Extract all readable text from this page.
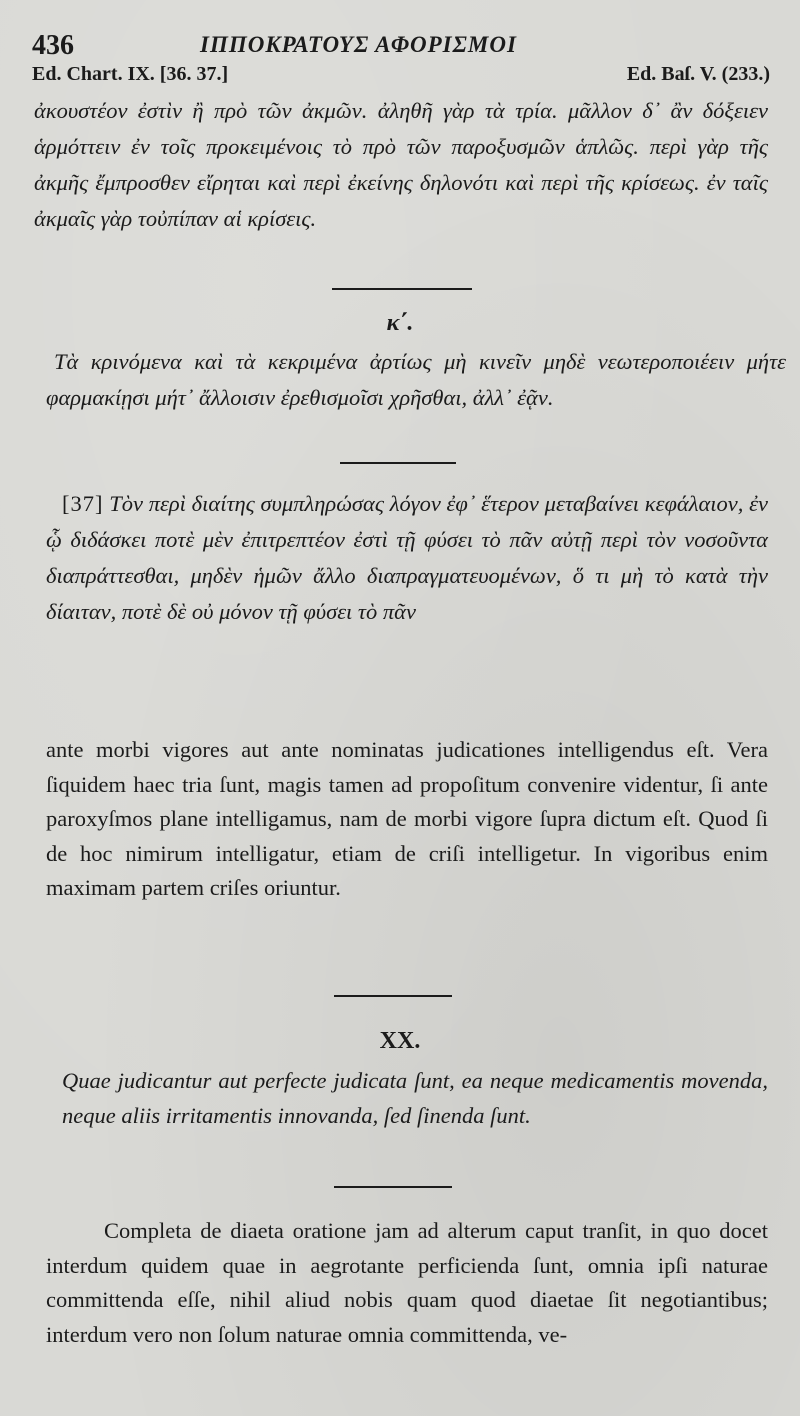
436	ΙΠΠΟΚΡΑΤΟΥΣ ΑΦΟΡΙΣΜΟΙ
Ed. Chart. IX. [36. 37.]	Ed. Baſ. V. (233.)

ἀκουστέον ἐστὶν ἢ πρὸ τῶν ἀκμῶν. ἀληθῆ γὰρ τὰ τρία. μᾶλλον δ᾽ ἂν δόξειεν ἁρμόττειν ἐν τοῖς προκειμένοις τὸ πρὸ τῶν παροξυσμῶν ἁπλῶς. περὶ γὰρ τῆς ἀκμῆς ἔμπροσθεν εἴρηται καὶ περὶ ἐκείνης δηλονότι καὶ περὶ τῆς κρίσεως. ἐν ταῖς ἀκμαῖς γὰρ τοὐπίπαν αἱ κρίσεις.

κ΄.

Τὰ κρινόμενα καὶ τὰ κεκριμένα ἀρτίως μὴ κινεῖν μηδὲ νεωτεροποιέειν μήτε φαρμακίῃσι μήτ᾽ ἄλλοισιν ἐρεθισμοῖσι χρῆσθαι, ἀλλ᾽ ἐᾷν.

[37] Τὸν περὶ διαίτης συμπληρώσας λόγον ἐφ᾽ ἕτερον μεταβαίνει κεφάλαιον, ἐν ᾧ διδάσκει ποτὲ μὲν ἐπιτρεπτέον ἐστὶ τῇ φύσει τὸ πᾶν αὐτῇ περὶ τὸν νοσοῦντα διαπράττεσθαι, μηδὲν ἡμῶν ἄλλο διαπραγματευομένων, ὅ τι μὴ τὸ κατὰ τὴν δίαιταν, ποτὲ δὲ οὐ μόνον τῇ φύσει τὸ πᾶν

ante morbi vigores aut ante nominatas judicationes intelligendus eſt. Vera ſiquidem haec tria ſunt, magis tamen ad propoſitum convenire videntur, ſi ante paroxyſmos plane intelligamus, nam de morbi vigore ſupra dictum eſt. Quod ſi de hoc nimirum intelligatur, etiam de criſi intelligetur. In vigoribus enim maximam partem criſes oriuntur.

XX.

Quae judicantur aut perfecte judicata ſunt, ea neque medicamentis movenda, neque aliis irritamentis innovanda, ſed ſinenda ſunt.

Completa de diaeta oratione jam ad alterum caput tranſit, in quo docet interdum quidem quae in aegrotante perficienda ſunt, omnia ipſi naturae committenda eſſe, nihil aliud nobis quam quod diaetae ſit negotiantibus; interdum vero non ſolum naturae omnia committenda, ve-
